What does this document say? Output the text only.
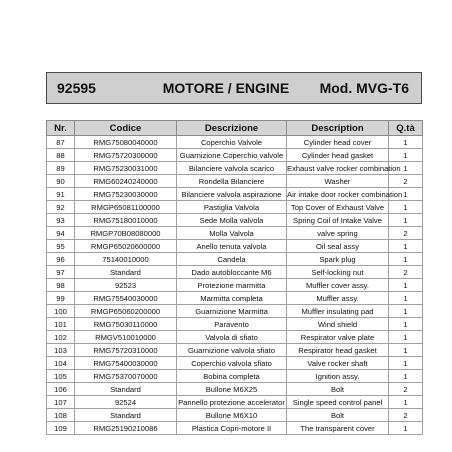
92595	MOTORE / ENGINE	Mod. MVG-T6
Nr.	Codice	Descrizione	Description	Q.tà
87	RMG75080040000	Coperchio Valvole	Cylinder head cover	1
88	RMG75720300000	Guarnizione Coperchio valvole	Cylinder head gasket	1
89	RMG75230031000	Bilanciere valvola scarico	Exhaust valve rocker combination	1
90	RMG60240240000	Rondella Bilanciere	Washer	2
91	RMG75230030000	Bilanciere valvola aspirazione	Air intake door rocker combination	1
92	RMGP65081100000	Pastiglia Valvola	Top Cover of Exhaust Valve	1
93	RMG75180010000	Sede Molla valvola	Spring Coil of Intake Valve	1
94	RMGP70B08080000	Molla Valvola	valve spring	2
95	RMGP65020600000	Anello tenuta valvola	Oil seal assy	1
96	75140010000	Candela	Spark plug	1
97	Standard	Dado autobloccante M6	Self-locking nut	2
98	92523	Protezione marmitta	Muffler cover assy.	1
99	RMG75540030000	Marmitta completa	Muffler assy.	1
100	RMGP65060200000	Guarnizione Marmitta	Muffler insulating pad	1
101	RMG75030110000	Paravento	Wind shield	1
102	RMGV510010000	Valvola di sfiato	Respirator valve plate	1
103	RMG75720310000	Guarnizione valvola sfiato	Respirator head gasket	1
104	RMG75400030000	Coperchio valvola sfiato	Valve rocker shaft	1
105	RMG75370070000	Bobina completa	Ignition assy.	1
106	Standard	Bullone M6X25	Bolt	2
107	92524	Pannello protezione accelerator	Single speed control panel	1
108	Standard	Bullone M6X10	Bolt	2
109	RMG25190210086	Plastica Copri-motore II	The transparent cover	1
